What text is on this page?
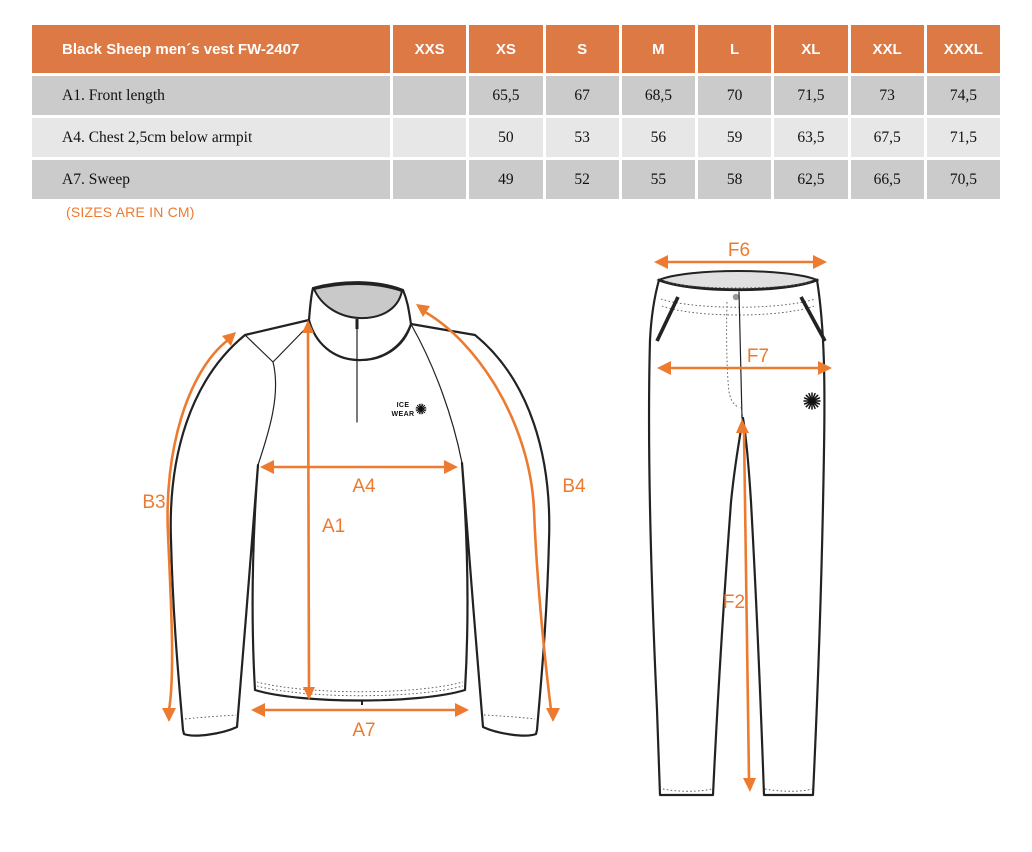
Black Sheep men´s vest FW-2407	XXS	XS	S	M	L	XL	XXL	XXXL
A1. Front length		65,5	67	68,5	70	71,5	73	74,5
A4. Chest 2,5cm below armpit		50	53	56	59	63,5	67,5	71,5
A7. Sweep		49	52	55	58	62,5	66,5	70,5
(SIZES ARE IN CM)
ICE
WEAR
B3
B4
A4
A1
A7
F6
F7
F2
